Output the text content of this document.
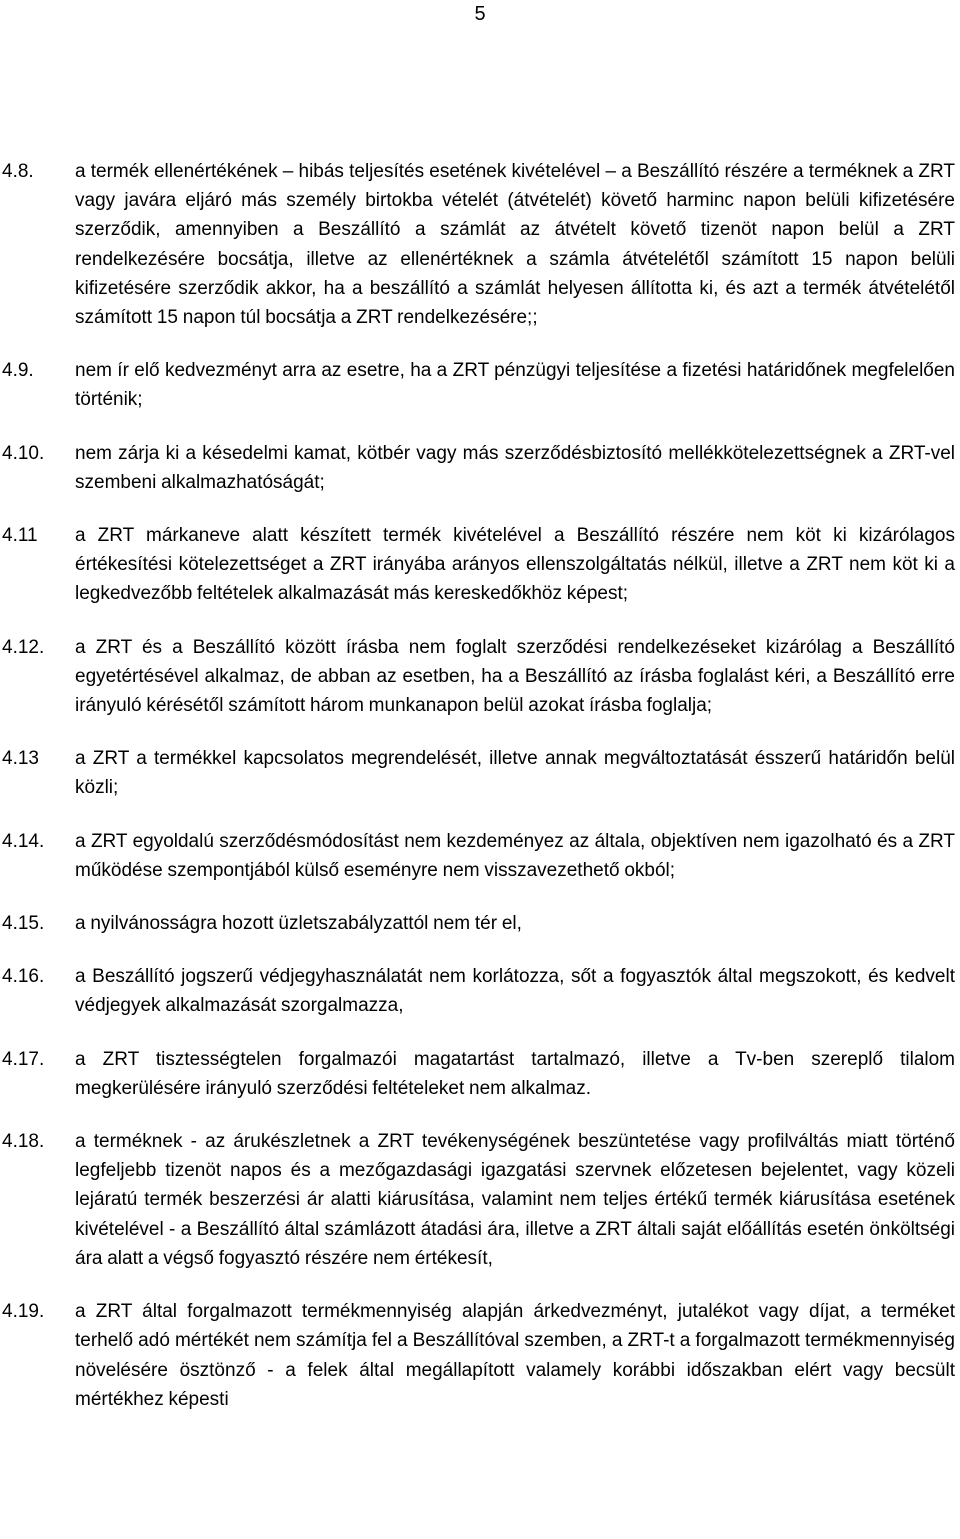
5
4.8. a termék ellenértékének – hibás teljesítés esetének kivételével – a Beszállító részére a terméknek a ZRT vagy javára eljáró más személy birtokba vételét (átvételét) követő harminc napon belüli kifizetésére szerződik, amennyiben a Beszállító a számlát az átvételt követő tizenöt napon belül a ZRT rendelkezésére bocsátja, illetve az ellenértéknek a számla átvételétől számított 15 napon belüli kifizetésére szerződik akkor, ha a beszállító a számlát helyesen állította ki, és azt a termék átvételétől számított 15 napon túl bocsátja a ZRT rendelkezésére;;
4.9. nem ír elő kedvezményt arra az esetre, ha a ZRT pénzügyi teljesítése a fizetési határidőnek megfelelően történik;
4.10. nem zárja ki a késedelmi kamat, kötbér vagy más szerződésbiztosító mellékkötelezettségnek a ZRT-vel szembeni alkalmazhatóságát;
4.11 a ZRT márkaneve alatt készített termék kivételével a Beszállító részére nem köt ki kizárólagos értékesítési kötelezettséget a ZRT irányába arányos ellenszolgáltatás nélkül, illetve a ZRT nem köt ki a legkedvezőbb feltételek alkalmazását más kereskedőkhöz képest;
4.12. a ZRT és a Beszállító között írásba nem foglalt szerződési rendelkezéseket kizárólag a Beszállító egyetértésével alkalmaz, de abban az esetben, ha a Beszállító az írásba foglalást kéri, a Beszállító erre irányuló kérésétől számított három munkanapon belül azokat írásba foglalja;
4.13 a ZRT a termékkel kapcsolatos megrendelését, illetve annak megváltoztatását ésszerű határidőn belül közli;
4.14. a ZRT egyoldalú szerződésmódosítást nem kezdeményez az általa, objektíven nem igazolható és a ZRT működése szempontjából külső eseményre nem visszavezethető okból;
4.15. a nyilvánosságra hozott üzletszabályzattól nem tér el,
4.16. a Beszállító jogszerű védjegyhasználatát nem korlátozza, sőt a fogyasztók által megszokott, és kedvelt védjegyek alkalmazását szorgalmazza,
4.17. a ZRT tisztességtelen forgalmazói magatartást tartalmazó, illetve a Tv-ben szereplő tilalom megkerülésére irányuló szerződési feltételeket nem alkalmaz.
4.18. a terméknek - az árukészletnek a ZRT tevékenységének beszüntetése vagy profilváltás miatt történő legfeljebb tizenöt napos és a mezőgazdasági igazgatási szervnek előzetesen bejelentet, vagy közeli lejáratú termék beszerzési ár alatti kiárusítása, valamint nem teljes értékű termék kiárusítása esetének kivételével - a Beszállító által számlázott átadási ára, illetve a ZRT általi saját előállítás esetén önköltségi ára alatt a végső fogyasztó részére nem értékesít,
4.19. a ZRT által forgalmazott termékmennyiség alapján árkedvezményt, jutalékot vagy díjat, a terméket terhelő adó mértékét nem számítja fel a Beszállítóval szemben, a ZRT-t a forgalmazott termékmennyiség növelésére ösztönző - a felek által megállapított valamely korábbi időszakban elért vagy becsült mértékhez képesti
